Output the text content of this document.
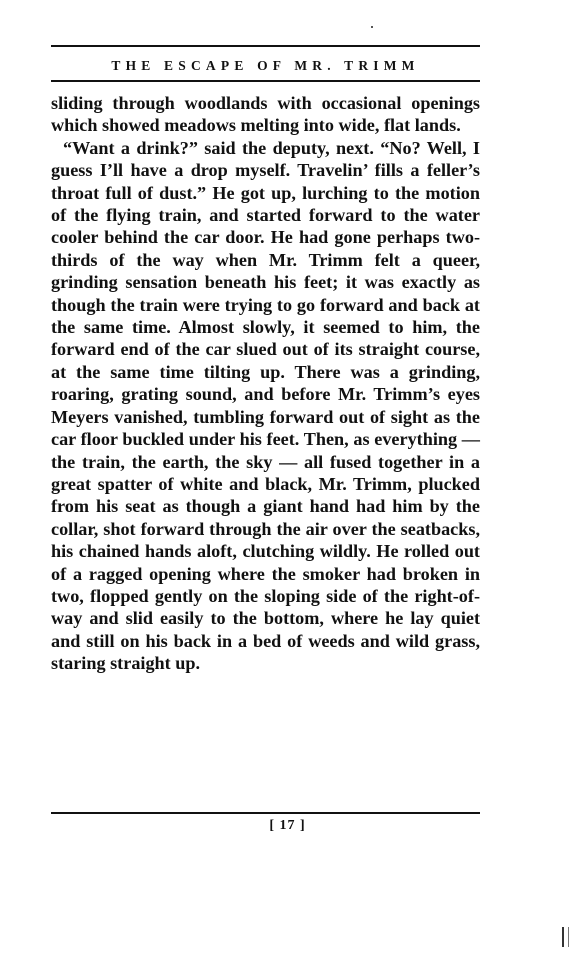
THE ESCAPE OF MR. TRIMM

sliding through woodlands with occasional openings which showed meadows melting into wide, flat lands.

“Want a drink?” said the deputy, next. “No? Well, I guess I’ll have a drop myself. Travelin’ fills a feller’s throat full of dust.” He got up, lurching to the motion of the flying train, and started forward to the water cooler behind the car door. He had gone perhaps two-thirds of the way when Mr. Trimm felt a queer, grinding sensation beneath his feet; it was exactly as though the train were trying to go forward and back at the same time. Almost slowly, it seemed to him, the forward end of the car slued out of its straight course, at the same time tilting up. There was a grinding, roaring, grating sound, and before Mr. Trimm’s eyes Meyers vanished, tumbling forward out of sight as the car floor buckled under his feet. Then, as everything — the train, the earth, the sky — all fused together in a great spatter of white and black, Mr. Trimm, plucked from his seat as though a giant hand had him by the collar, shot forward through the air over the seatbacks, his chained hands aloft, clutching wildly. He rolled out of a ragged opening where the smoker had broken in two, flopped gently on the sloping side of the right-of-way and slid easily to the bottom, where he lay quiet and still on his back in a bed of weeds and wild grass, staring straight up.

[ 17 ]
